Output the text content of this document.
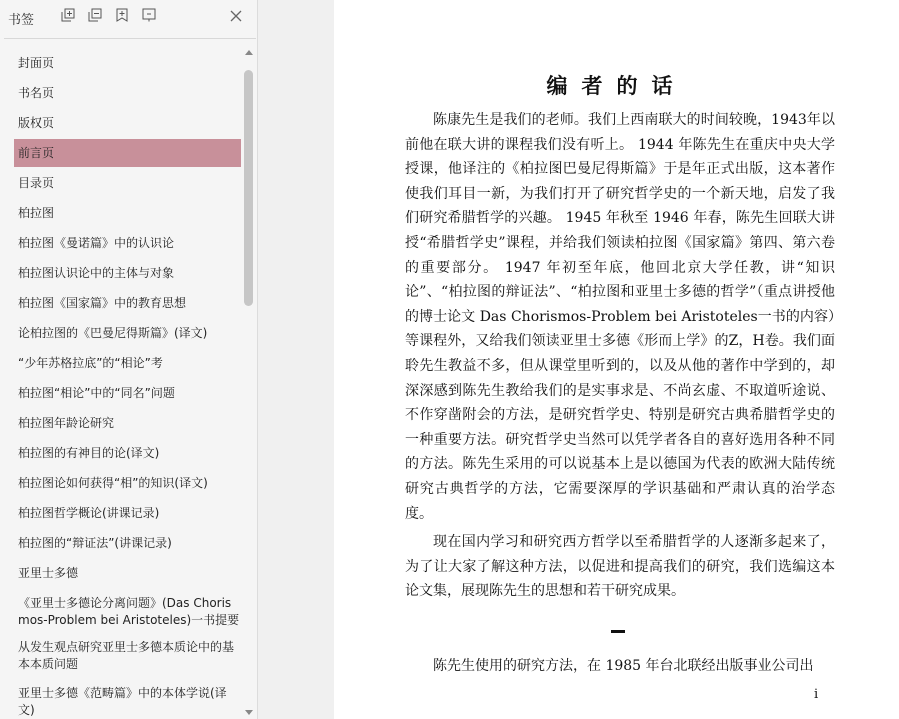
书签
封面页
书名页
版权页
前言页
目录页
柏拉图
柏拉图《曼诺篇》中的认识论
柏拉图认识论中的主体与对象
柏拉图《国家篇》中的教育思想
论柏拉图的《巴曼尼得斯篇》(译文)
“少年苏格拉底”的“相论”考
柏拉图“相论”中的“同名”问题
柏拉图年龄论研究
柏拉图的有神目的论(译文)
柏拉图论如何获得“相”的知识(译文)
柏拉图哲学概论(讲课记录)
柏拉图的“辩证法”(讲课记录)
亚里士多德
《亚里士多德论分离问题》(Das Chorismos-Problem bei Aristoteles)一书提要
从发生观点研究亚里士多德本质论中的基本本质问题
亚里士多德《范畴篇》中的本体学说(译文)
编者的话
陈康先生是我们的老师。我们上西南联大的时间较晚，1943年以前他在联大讲的课程我们没有听上。 1944 年陈先生在重庆中央大学授课，他译注的《柏拉图巴曼尼得斯篇》于是年正式出版，这本著作使我们耳目一新，为我们打开了研究哲学史的一个新天地，启发了我们研究希腊哲学的兴趣。 1945 年秋至 1946 年春，陈先生回联大讲授“希腊哲学史”课程，并给我们领读柏拉图《国家篇》第四、第六卷的重要部分。 1947 年初至年底，他回北京大学任教，讲“知识论”、“柏拉图的辩证法”、“柏拉图和亚里士多德的哲学”（重点讲授他的博士论文 Das Chorismos-Problem bei Aristoteles一书的内容）等课程外，又给我们领读亚里士多德《形而上学》的Z，H卷。我们面聆先生教益不多，但从课堂里听到的，以及从他的著作中学到的，却深深感到陈先生教给我们的是实事求是、不尚玄虚、不取道听途说、不作穿凿附会的方法，是研究哲学史、特别是研究古典希腊哲学史的一种重要方法。研究哲学史当然可以凭学者各自的喜好选用各种不同的方法。陈先生采用的可以说基本上是以德国为代表的欧洲大陆传统研究古典哲学的方法，它需要深厚的学识基础和严肃认真的治学态度。
现在国内学习和研究西方哲学以至希腊哲学的人逐渐多起来了，为了让大家了解这种方法，以促进和提高我们的研究，我们选编这本论文集，展现陈先生的思想和若干研究成果。
陈先生使用的研究方法，在 1985 年台北联经出版事业公司出
i
